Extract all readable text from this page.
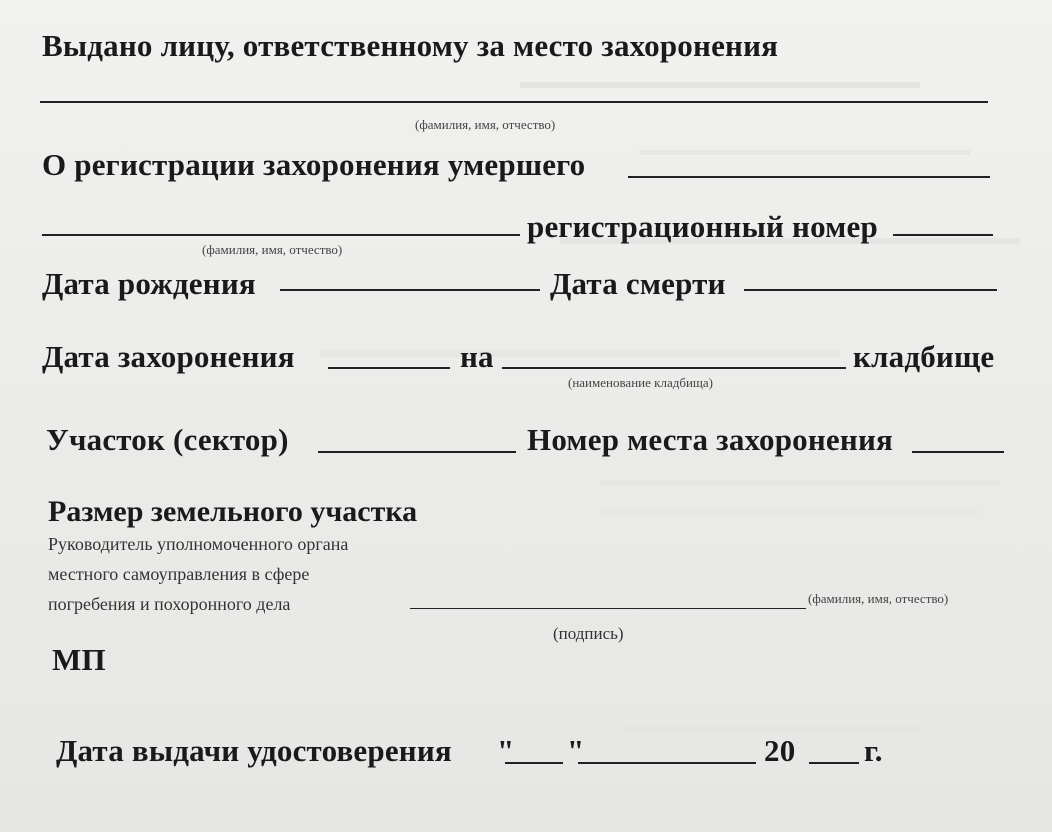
Выдано лицу, ответственному за место захоронения
(фамилия, имя, отчество)
О регистрации захоронения умершего
регистрационный номер
(фамилия, имя, отчество)
Дата рождения	Дата смерти
Дата захоронения	на	кладбище
(наименование кладбища)
Участок (сектор)	Номер места захоронения
Размер земельного участка
Руководитель уполномоченного органа
местного самоуправления в сфере
погребения и похоронного дела	(фамилия, имя, отчество)
(подпись)
МП
Дата выдачи удостоверения " "	20 г.
